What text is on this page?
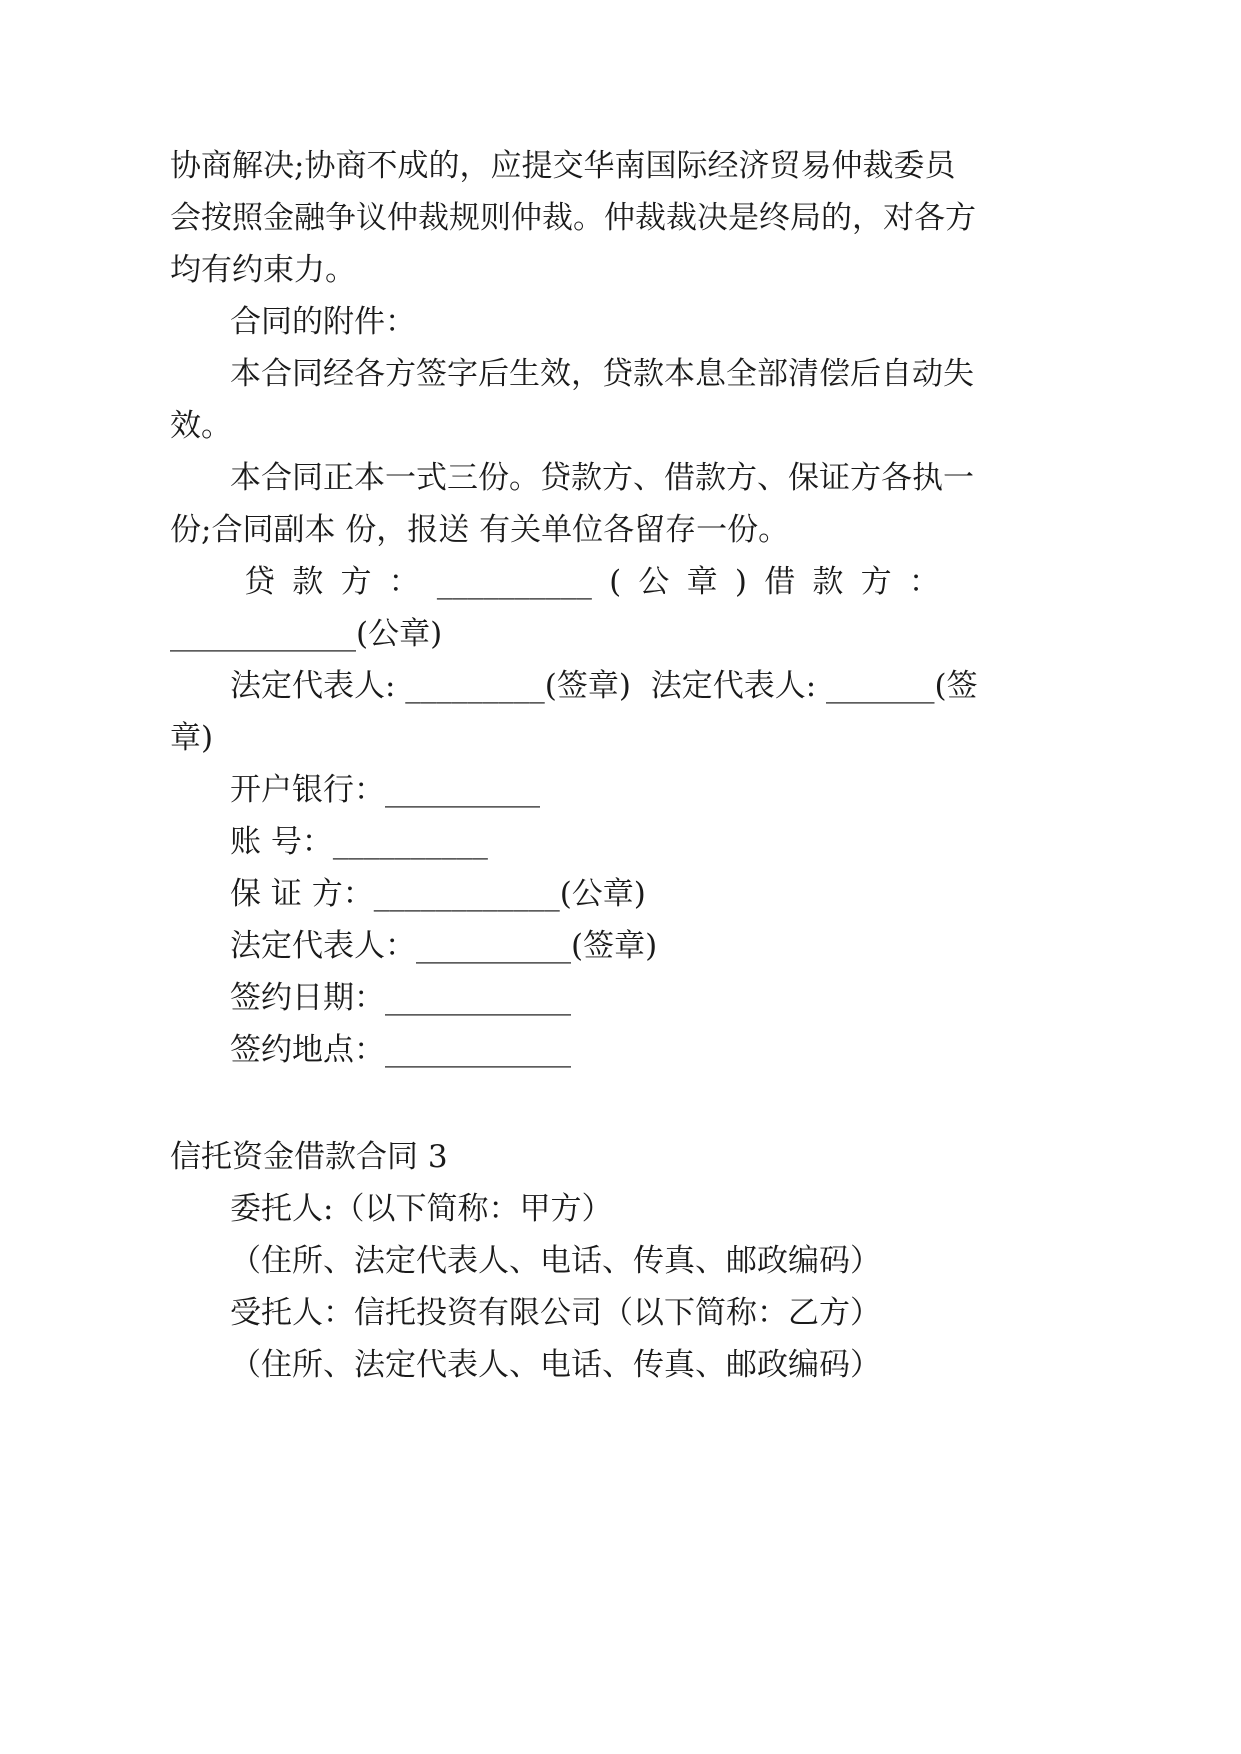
协商解决;协商不成的，应提交华南国际经济贸易仲裁委员
会按照金融争议仲裁规则仲裁。仲裁裁决是终局的，对各方
均有约束力。
合同的附件：
本合同经各方签字后生效，贷款本息全部清偿后自动失
效。
本合同正本一式三份。贷款方、借款方、保证方各执一
份;合同副本 份，报送 有关单位各留存一份。
贷 款 方 ： __________ ( 公 章 ) 借 款 方 ：
____________(公章)
法定代表人: _________(签章)  法定代表人: _______(签
章)
开户银行：__________
账 号：__________
保 证 方：____________(公章)
法定代表人：__________(签章)
签约日期：____________
签约地点：____________
信托资金借款合同 3
委托人:（以下简称：甲方）
（住所、法定代表人、电话、传真、邮政编码）
受托人：信托投资有限公司（以下简称：乙方）
（住所、法定代表人、电话、传真、邮政编码）
